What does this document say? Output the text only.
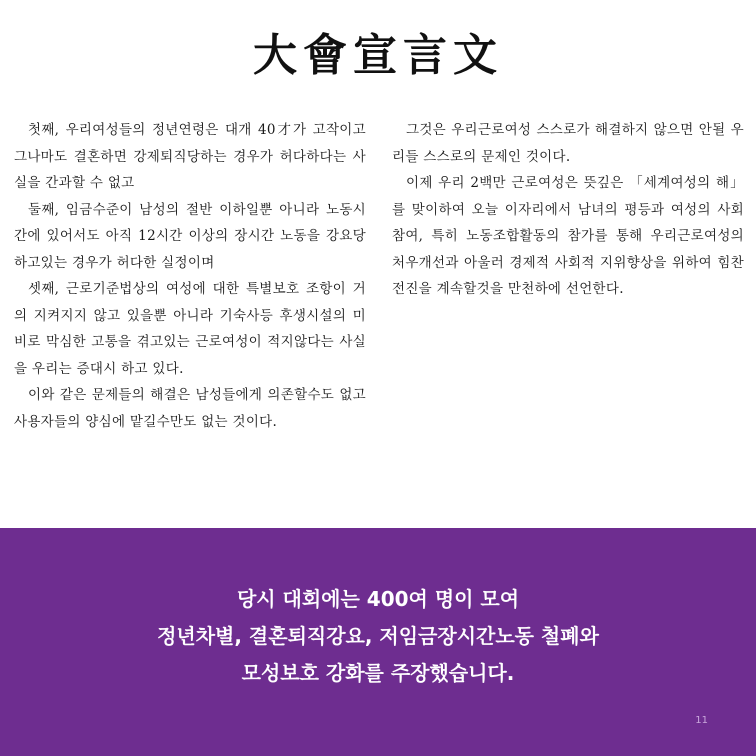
大會宣言文

첫째, 우리여성들의 정년연령은 대개 40才가 고작이고 그나마도 결혼하면 강제퇴직당하는 경우가 허다하다는 사실을 간과할 수 없고

둘째, 임금수준이 남성의 절반 이하일뿐 아니라 노동시간에 있어서도 아직 12시간 이상의 장시간 노동을 강요당하고있는 경우가 허다한 실정이며

셋째, 근로기준법상의 여성에 대한 특별보호 조항이 거의 지켜지지 않고 있을뿐 아니라 기숙사등 후생시설의 미비로 막심한 고통을 겪고있는 근로여성이 적지않다는 사실을 우리는 증대시 하고 있다.

이와 같은 문제들의 해결은 남성들에게 의존할수도 없고 사용자들의 양심에 맡길수만도 없는 것이다.

그것은 우리근로여성 스스로가 해결하지 않으면 안될 우리들 스스로의 문제인 것이다.

이제 우리 2백만 근로여성은 뜻깊은 「세계여성의 해」를 맞이하여 오늘 이자리에서 남녀의 평등과 여성의 사회참여, 특히 노동조합활동의 참가를 통해 우리근로여성의 처우개선과 아울러 경제적 사회적 지위향상을 위하여 힘찬 전진을 계속할것을 만천하에 선언한다.

당시 대회에는 400여 명이 모여
정년차별, 결혼퇴직강요, 저임금장시간노동 철폐와
모성보호 강화를 주장했습니다.
11
